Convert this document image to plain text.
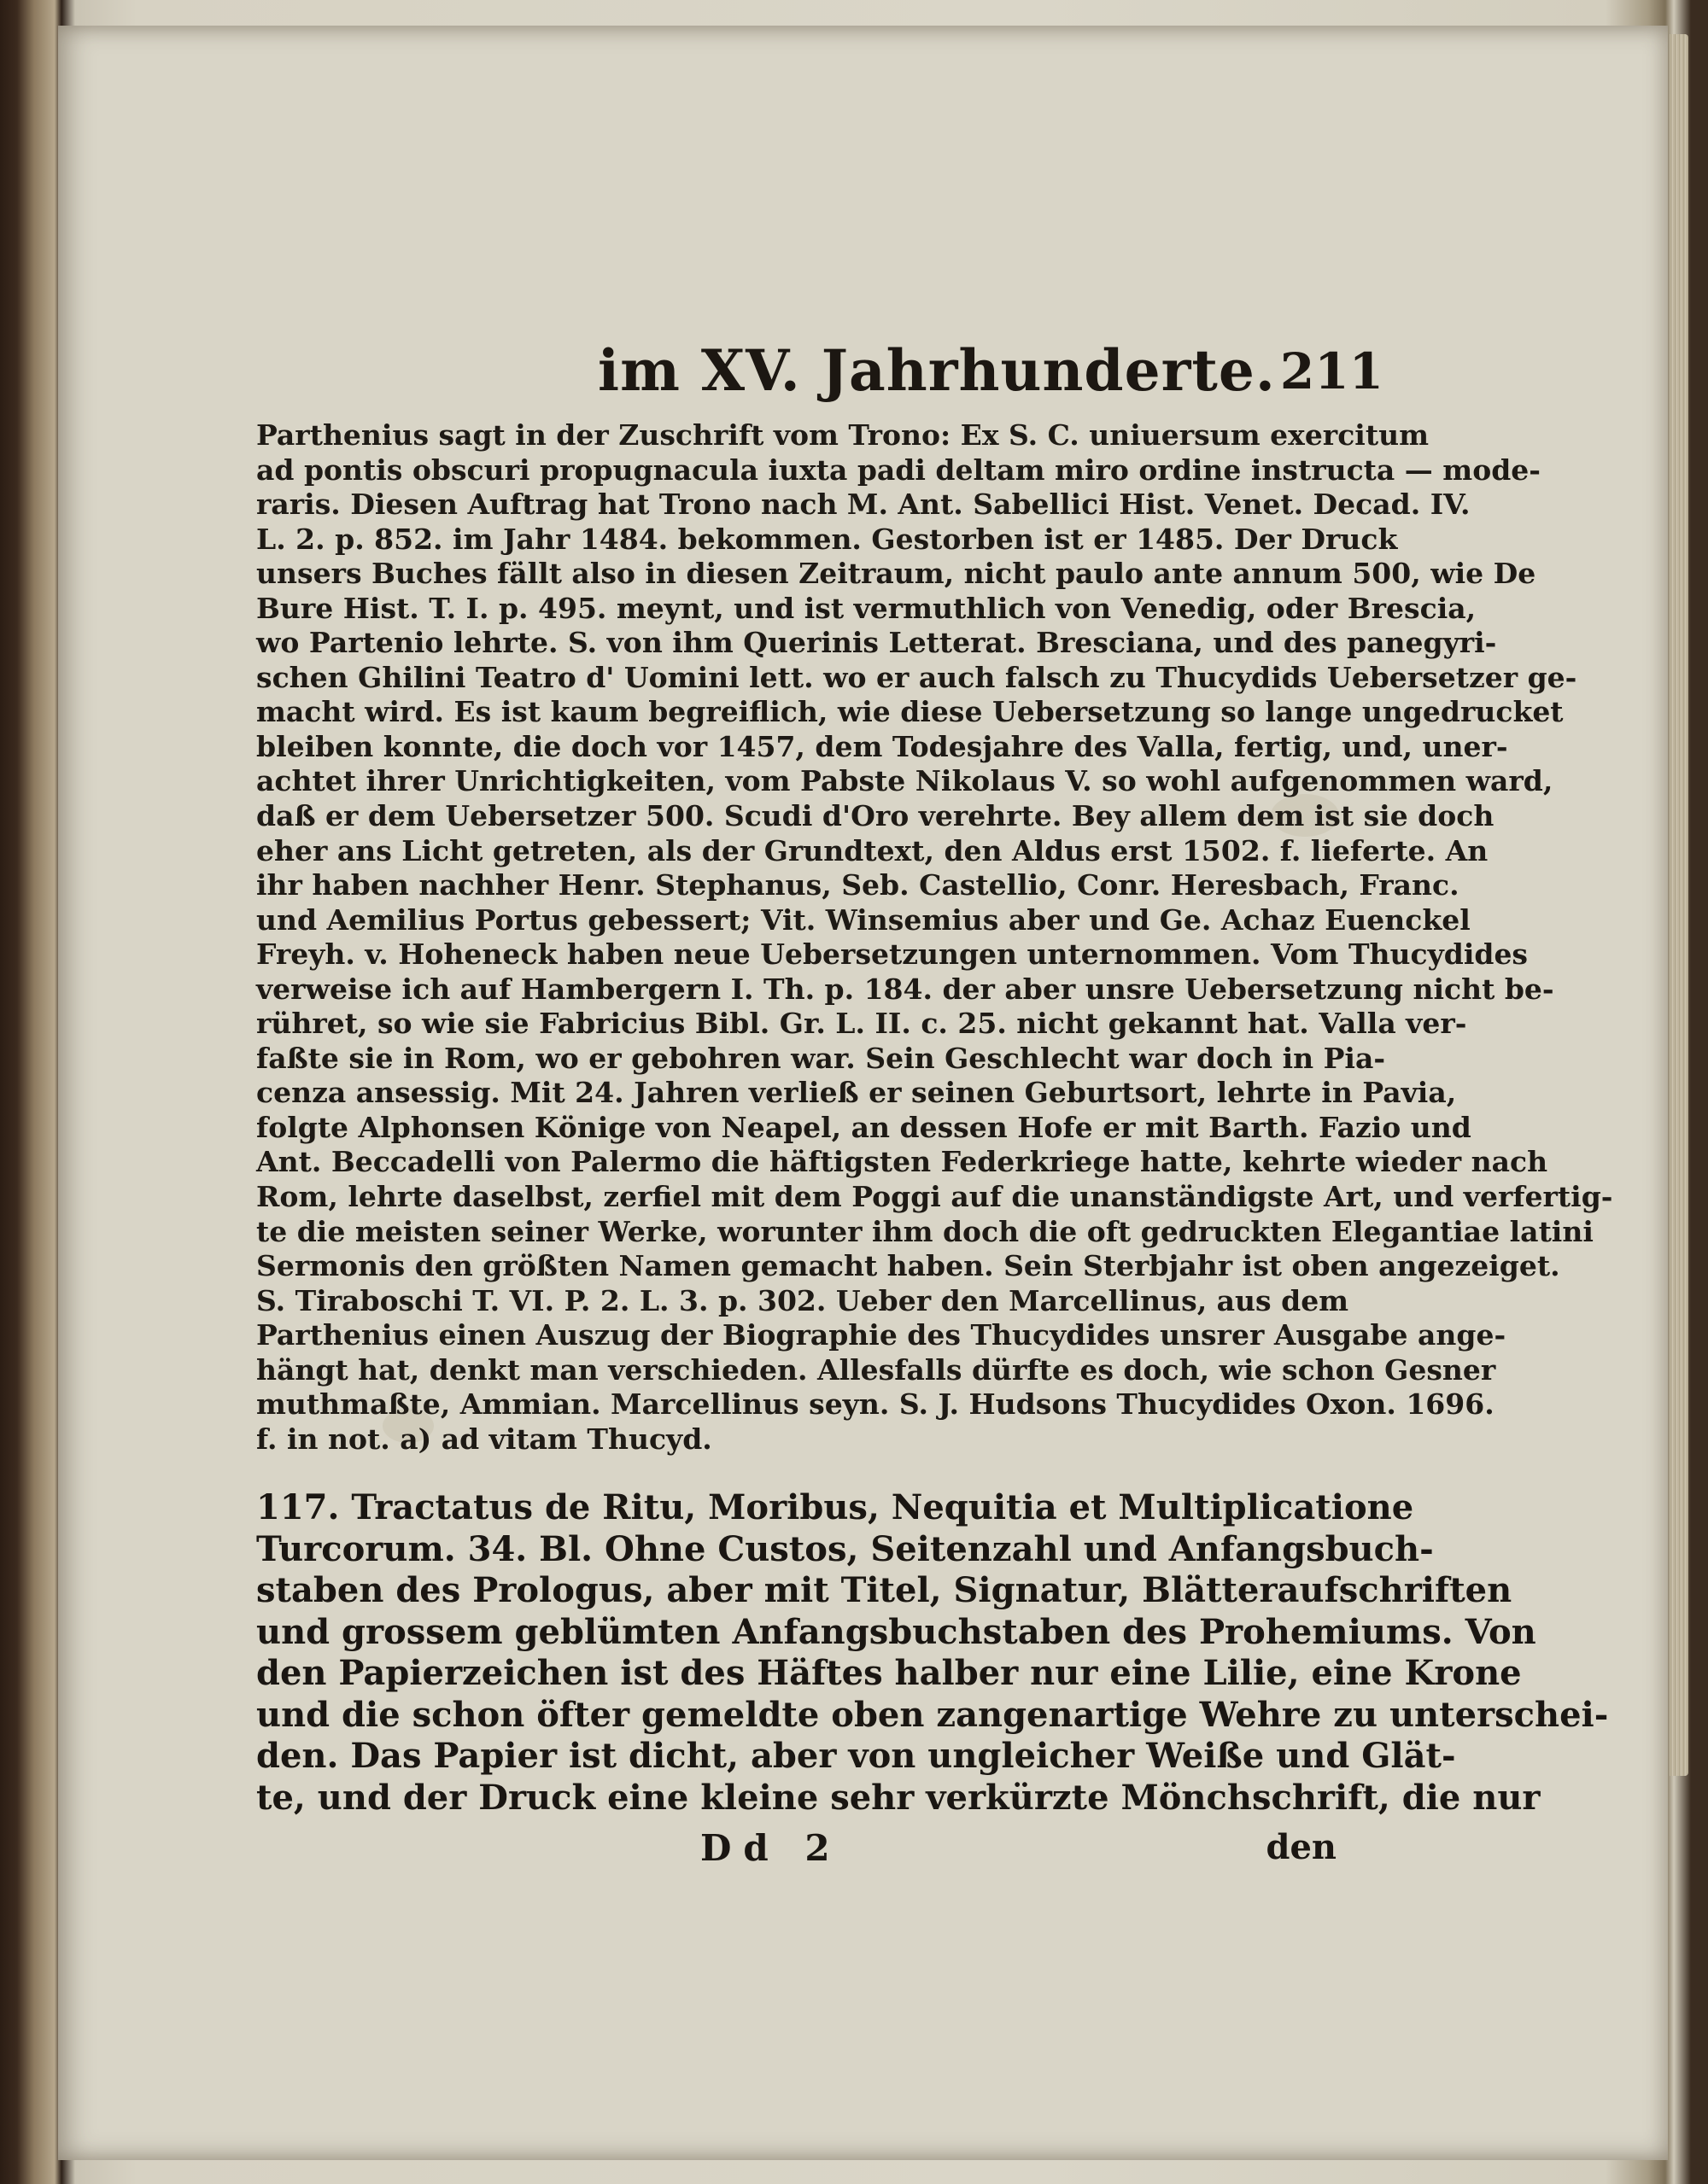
im XV. Jahrhunderte. 211
Parthenius sagt in der Zuschrift vom Trono: Ex S. C. uniuersum exercitum
ad pontis obscuri propugnacula iuxta padi deltam miro ordine instructa — mode-
raris. Diesen Auftrag hat Trono nach M. Ant. Sabellici Hist. Venet. Decad. IV.
L. 2. p. 852. im Jahr 1484. bekommen. Gestorben ist er 1485. Der Druck
unsers Buches fällt also in diesen Zeitraum, nicht paulo ante annum 500, wie De
Bure Hist. T. I. p. 495. meynt, und ist vermuthlich von Venedig, oder Brescia,
wo Partenio lehrte. S. von ihm Querinis Letterat. Bresciana, und des panegyri-
schen Ghilini Teatro d' Uomini lett. wo er auch falsch zu Thucydids Uebersetzer ge-
macht wird. Es ist kaum begreiflich, wie diese Uebersetzung so lange ungedrucket
bleiben konnte, die doch vor 1457, dem Todesjahre des Valla, fertig, und, uner-
achtet ihrer Unrichtigkeiten, vom Pabste Nikolaus V. so wohl aufgenommen ward,
daß er dem Uebersetzer 500. Scudi d'Oro verehrte. Bey allem dem ist sie doch
eher ans Licht getreten, als der Grundtext, den Aldus erst 1502. f. lieferte. An
ihr haben nachher Henr. Stephanus, Seb. Castellio, Conr. Heresbach, Franc.
und Aemilius Portus gebessert; Vit. Winsemius aber und Ge. Achaz Euenckel
Freyh. v. Hoheneck haben neue Uebersetzungen unternommen. Vom Thucydides
verweise ich auf Hambergern I. Th. p. 184. der aber unsre Uebersetzung nicht be-
rühret, so wie sie Fabricius Bibl. Gr. L. II. c. 25. nicht gekannt hat. Valla ver-
faßte sie in Rom, wo er gebohren war. Sein Geschlecht war doch in Pia-
cenza ansessig. Mit 24. Jahren verließ er seinen Geburtsort, lehrte in Pavia,
folgte Alphonsen Könige von Neapel, an dessen Hofe er mit Barth. Fazio und
Ant. Beccadelli von Palermo die häftigsten Federkriege hatte, kehrte wieder nach
Rom, lehrte daselbst, zerfiel mit dem Poggi auf die unanständigste Art, und verfertig-
te die meisten seiner Werke, worunter ihm doch die oft gedruckten Elegantiae latini
Sermonis den größten Namen gemacht haben. Sein Sterbjahr ist oben angezeiget.
S. Tiraboschi T. VI. P. 2. L. 3. p. 302. Ueber den Marcellinus, aus dem
Parthenius einen Auszug der Biographie des Thucydides unsrer Ausgabe ange-
hängt hat, denkt man verschieden. Allesfalls dürfte es doch, wie schon Gesner
muthmaßte, Ammian. Marcellinus seyn. S. J. Hudsons Thucydides Oxon. 1696.
f. in not. a) ad vitam Thucyd.
117. Tractatus de Ritu, Moribus, Nequitia et Multiplicatione
Turcorum. 34. Bl. Ohne Custos, Seitenzahl und Anfangsbuch-
staben des Prologus, aber mit Titel, Signatur, Blätteraufschriften
und grossem geblümten Anfangsbuchstaben des Prohemiums. Von
den Papierzeichen ist des Häftes halber nur eine Lilie, eine Krone
und die schon öfter gemeldte oben zangenartige Wehre zu unterschei-
den. Das Papier ist dicht, aber von ungleicher Weiße und Glät-
te, und der Druck eine kleine sehr verkürzte Mönchschrift, die nur
Dd 2	den
